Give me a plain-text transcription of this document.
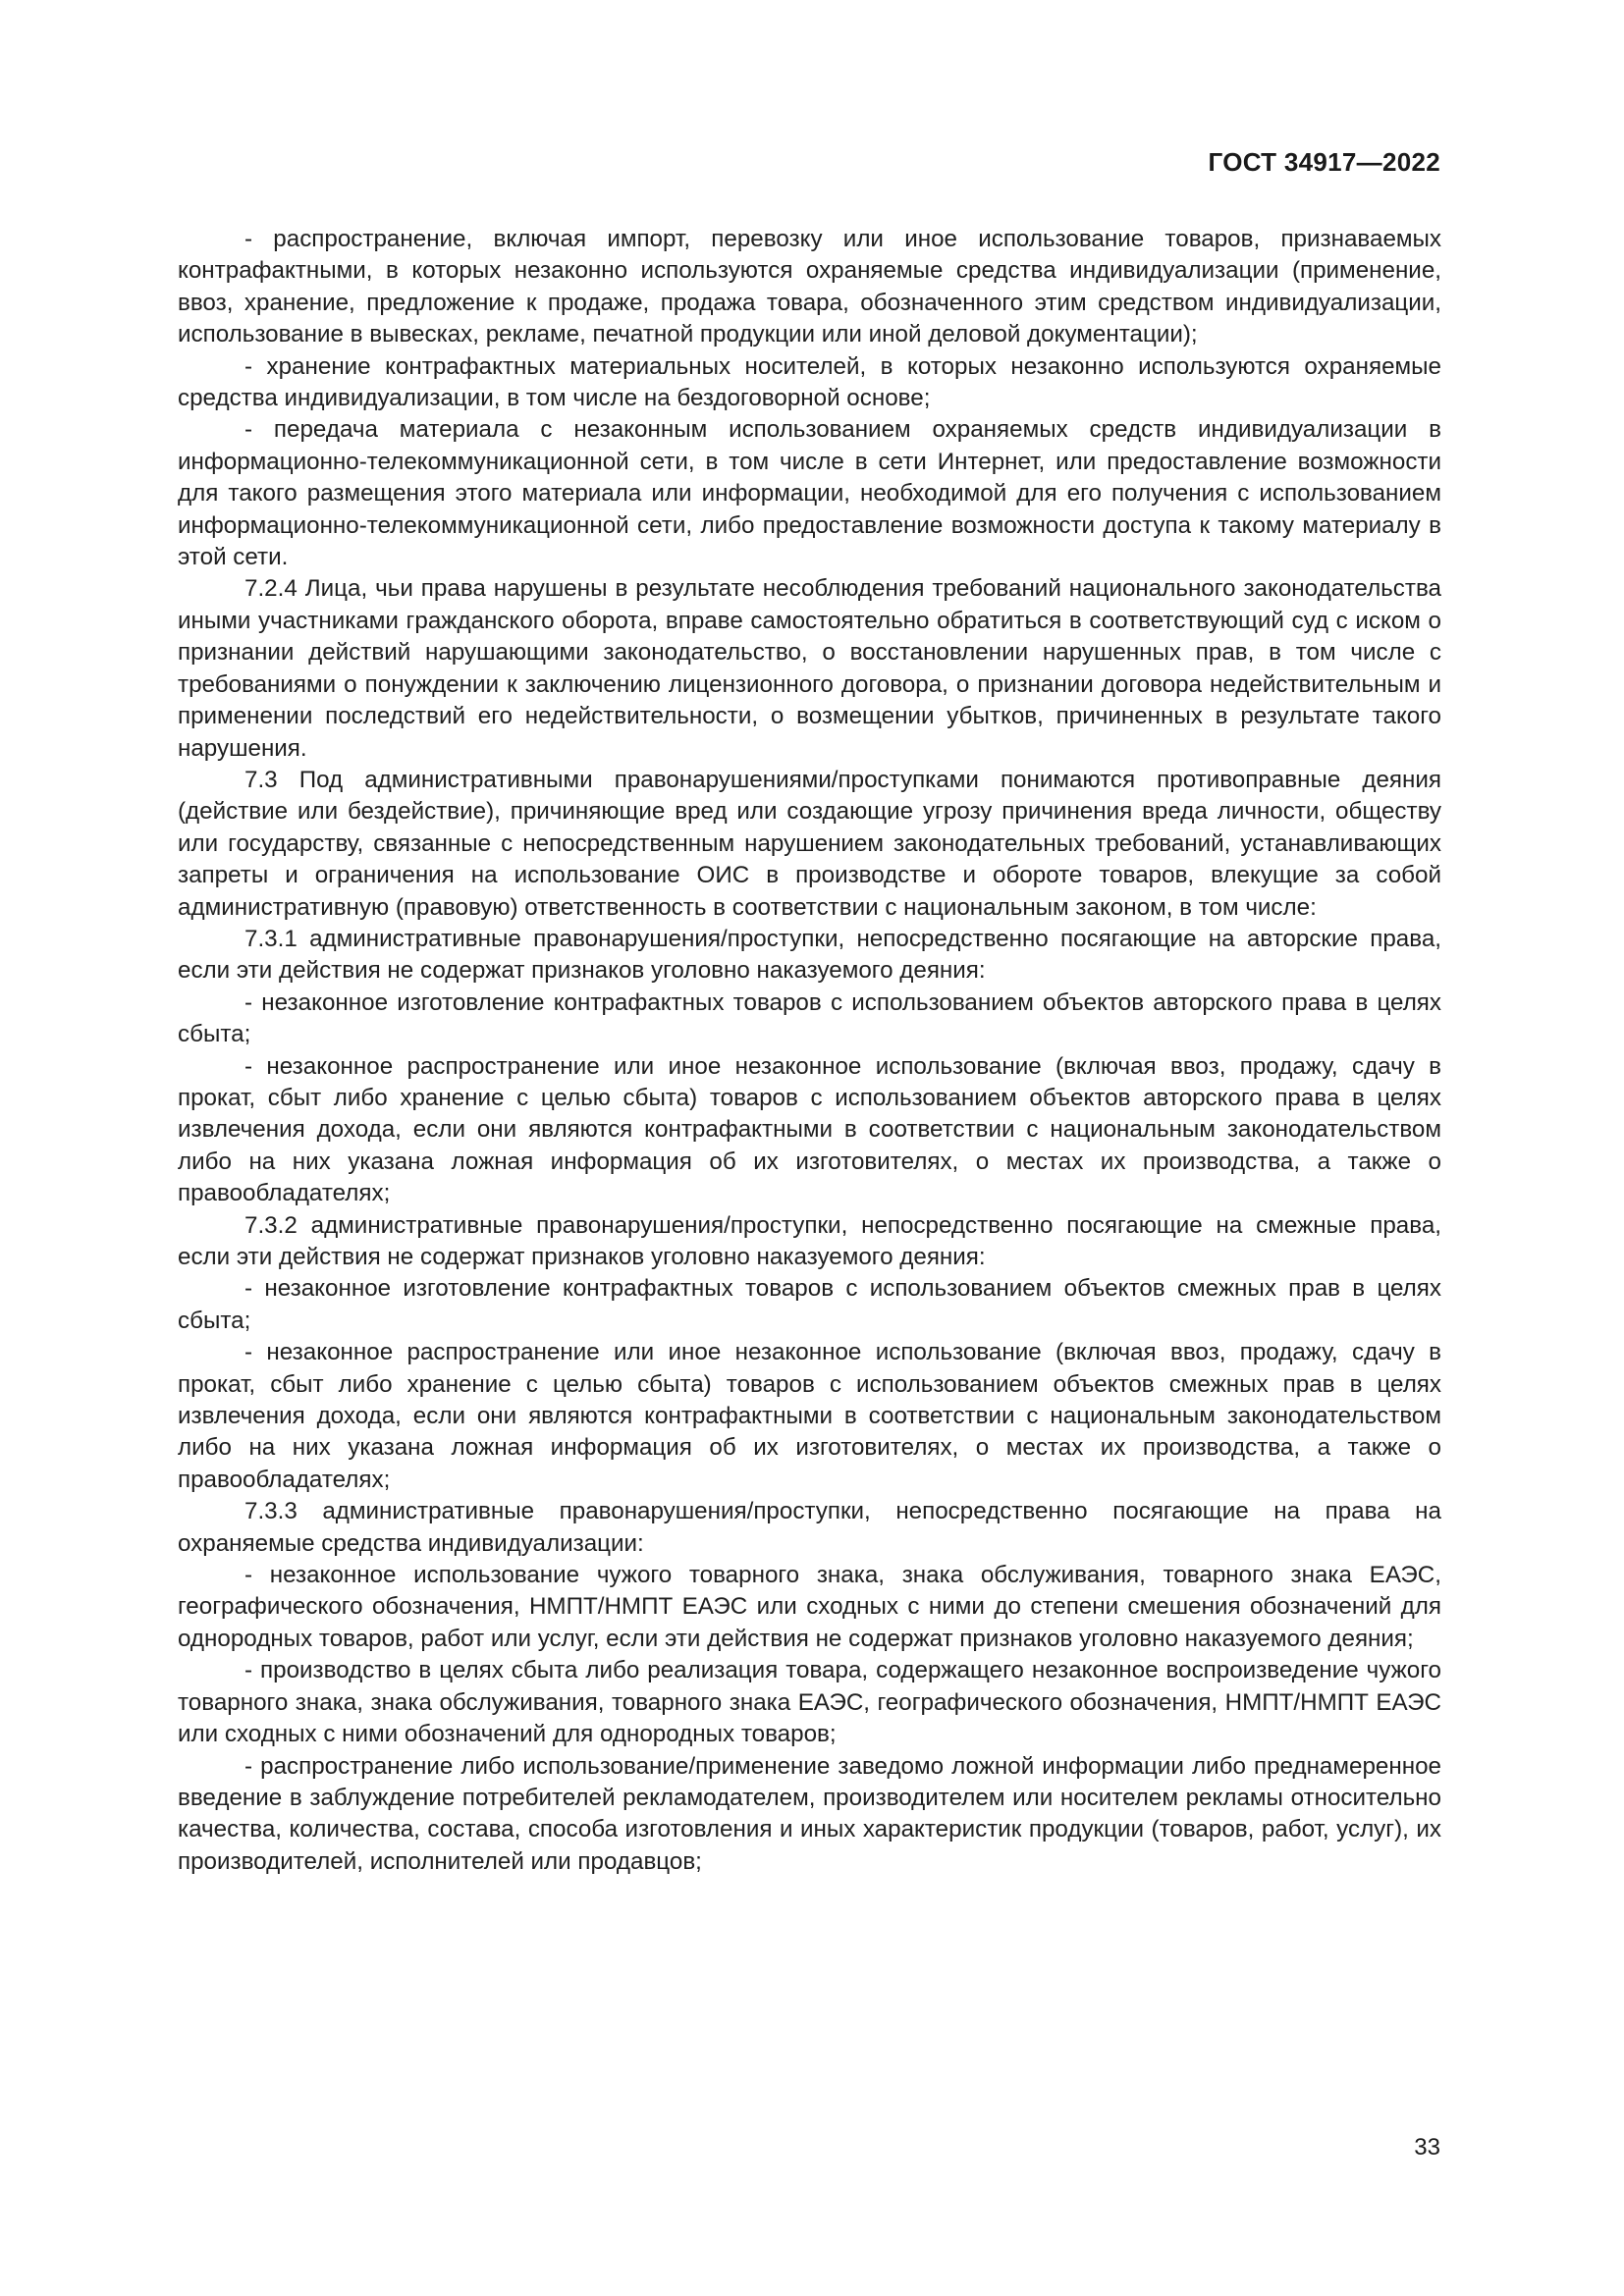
ГОСТ 34917—2022

- распространение, включая импорт, перевозку или иное использование товаров, признаваемых контрафактными, в которых незаконно используются охраняемые средства индивидуализации (применение, ввоз, хранение, предложение к продаже, продажа товара, обозначенного этим средством индивидуализации, использование в вывесках, рекламе, печатной продукции или иной деловой документации);

- хранение контрафактных материальных носителей, в которых незаконно используются охраняемые средства индивидуализации, в том числе на бездоговорной основе;

- передача материала с незаконным использованием охраняемых средств индивидуализации в информационно-телекоммуникационной сети, в том числе в сети Интернет, или предоставление возможности для такого размещения этого материала или информации, необходимой для его получения с использованием информационно-телекоммуникационной сети, либо предоставление возможности доступа к такому материалу в этой сети.

7.2.4 Лица, чьи права нарушены в результате несоблюдения требований национального законодательства иными участниками гражданского оборота, вправе самостоятельно обратиться в соответствующий суд с иском о признании действий нарушающими законодательство, о восстановлении нарушенных прав, в том числе с требованиями о понуждении к заключению лицензионного договора, о признании договора недействительным и применении последствий его недействительности, о возмещении убытков, причиненных в результате такого нарушения.

7.3 Под административными правонарушениями/проступками понимаются противоправные деяния (действие или бездействие), причиняющие вред или создающие угрозу причинения вреда личности, обществу или государству, связанные с непосредственным нарушением законодательных требований, устанавливающих запреты и ограничения на использование ОИС в производстве и обороте товаров, влекущие за собой административную (правовую) ответственность в соответствии с национальным законом, в том числе:

7.3.1 административные правонарушения/проступки, непосредственно посягающие на авторские права, если эти действия не содержат признаков уголовно наказуемого деяния:

- незаконное изготовление контрафактных товаров с использованием объектов авторского права в целях сбыта;

- незаконное распространение или иное незаконное использование (включая ввоз, продажу, сдачу в прокат, сбыт либо хранение с целью сбыта) товаров с использованием объектов авторского права в целях извлечения дохода, если они являются контрафактными в соответствии с национальным законодательством либо на них указана ложная информация об их изготовителях, о местах их производства, а также о правообладателях;

7.3.2 административные правонарушения/проступки, непосредственно посягающие на смежные права, если эти действия не содержат признаков уголовно наказуемого деяния:

- незаконное изготовление контрафактных товаров с использованием объектов смежных прав в целях сбыта;

- незаконное распространение или иное незаконное использование (включая ввоз, продажу, сдачу в прокат, сбыт либо хранение с целью сбыта) товаров с использованием объектов смежных прав в целях извлечения дохода, если они являются контрафактными в соответствии с национальным законодательством либо на них указана ложная информация об их изготовителях, о местах их производства, а также о правообладателях;

7.3.3 административные правонарушения/проступки, непосредственно посягающие на права на охраняемые средства индивидуализации:

- незаконное использование чужого товарного знака, знака обслуживания, товарного знака ЕАЭС, географического обозначения, НМПТ/НМПТ ЕАЭС или сходных с ними до степени смешения обозначений для однородных товаров, работ или услуг, если эти действия не содержат признаков уголовно наказуемого деяния;

- производство в целях сбыта либо реализация товара, содержащего незаконное воспроизведение чужого товарного знака, знака обслуживания, товарного знака ЕАЭС, географического обозначения, НМПТ/НМПТ ЕАЭС или сходных с ними обозначений для однородных товаров;

- распространение либо использование/применение заведомо ложной информации либо преднамеренное введение в заблуждение потребителей рекламодателем, производителем или носителем рекламы относительно качества, количества, состава, способа изготовления и иных характеристик продукции (товаров, работ, услуг), их производителей, исполнителей или продавцов;

33
